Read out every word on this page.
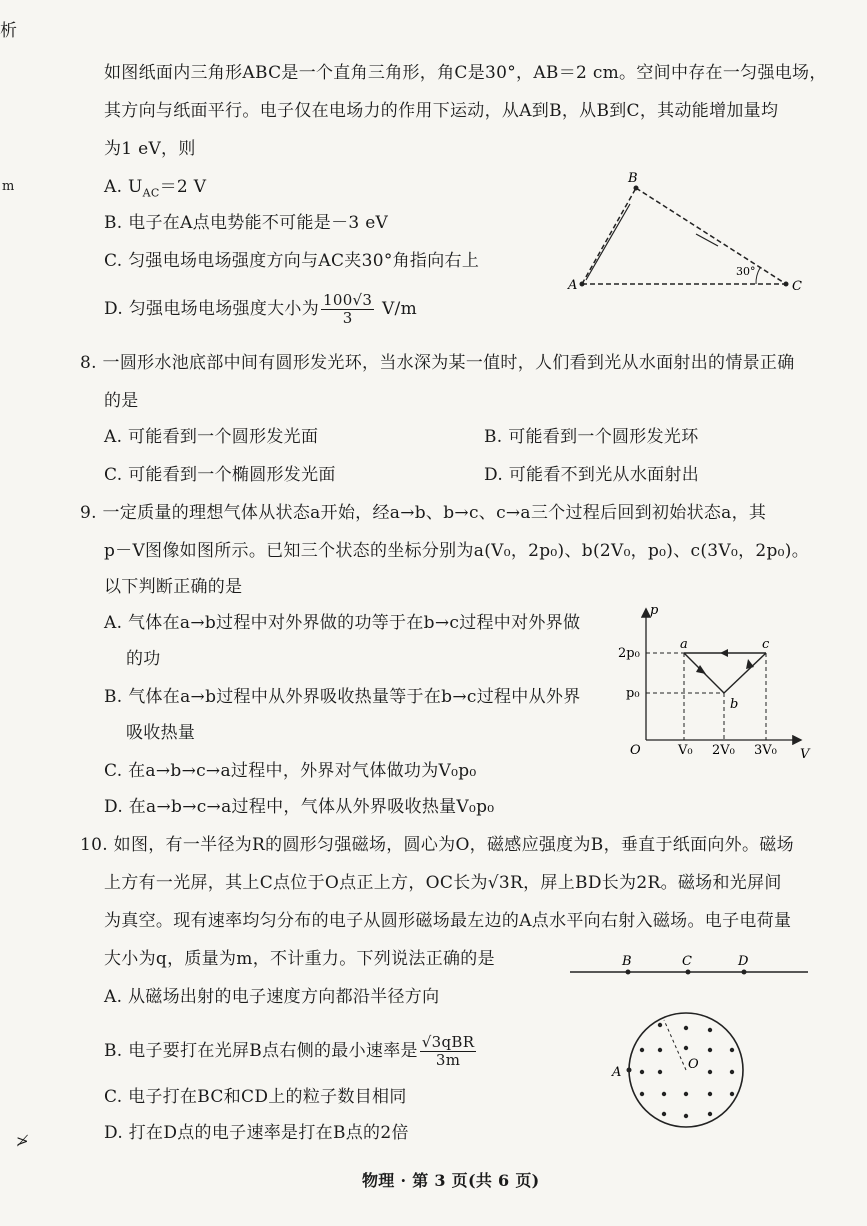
析
m
≯
如图纸面内三角形ABC是一个直角三角形，角C是30°，AB＝2 cm。空间中存在一匀强电场，
其方向与纸面平行。电子仅在电场力的作用下运动，从A到B，从B到C，其动能增加量均
为1 eV，则
A. $U_{AC}=2$ V
B. 电子在A点电势能不可能是－3 eV
C. 匀强电场电场强度方向与AC夹30°角指向右上
D. 匀强电场电场强度大小为 $\frac{100√3}{3} V/m$
A
B
C
30°
8. 一圆形水池底部中间有圆形发光环，当水深为某一值时，人们看到光从水面射出的情景正确
的是
A. 可能看到一个圆形发光面	B. 可能看到一个圆形发光环
C. 可能看到一个椭圆形发光面	D. 可能看不到光从水面射出
9. 一定质量的理想气体从状态a开始，经a→b、b→c、c→a三个过程后回到初始状态a，其
p－V图像如图所示。已知三个状态的坐标分别为a(V₀，2p₀)、b(2V₀，p₀)、c(3V₀，2p₀)。
以下判断正确的是
A. 气体在a→b过程中对外界做的功等于在b→c过程中对外界做
的功
B. 气体在a→b过程中从外界吸收热量等于在b→c过程中从外界
吸收热量
C. 在a→b→c→a过程中，外界对气体做功为V₀p₀
D. 在a→b→c→a过程中，气体从外界吸收热量V₀p₀
p
V
O
2p₀
p₀
V₀ 2V₀ 3V₀
a
b
c
10. 如图，有一半径为R的圆形匀强磁场，圆心为O，磁感应强度为B，垂直于纸面向外。磁场
上方有一光屏，其上C点位于O点正上方，OC长为√3R，屏上BD长为2R。磁场和光屏间
为真空。现有速率均匀分布的电子从圆形磁场最左边的A点水平向右射入磁场。电子电荷量
大小为q，质量为m，不计重力。下列说法正确的是
A. 从磁场出射的电子速度方向都沿半径方向
B. 电子要打在光屏B点右侧的最小速率是 $\frac{\text{√3qBR}}{3m}$
C. 电子打在BC和CD上的粒子数目相同
D. 打在D点的电子速率是打在B点的2倍
B	C	D
A
O
物理 · 第 3 页(共 6 页)
